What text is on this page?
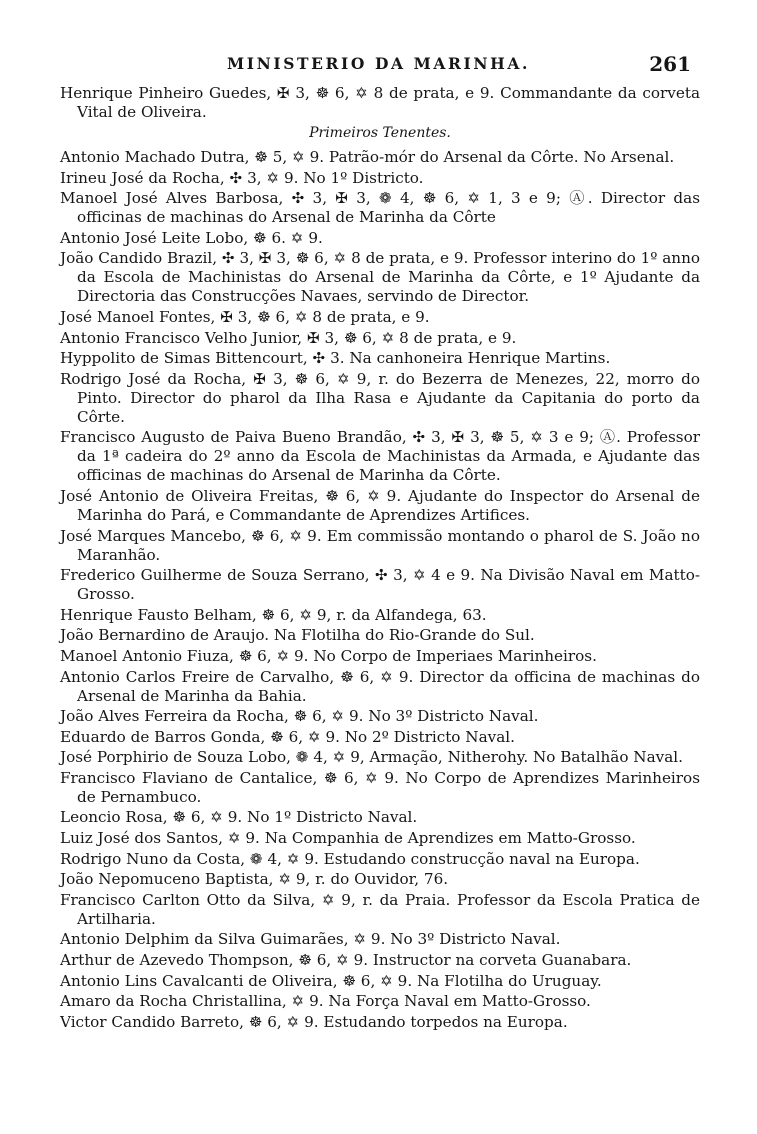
MINISTERIO DA MARINHA.	261

Henrique Pinheiro Guedes, ✠ 3, ☸ 6, ✡ 8 de prata, e 9. Commandante da corveta Vital de Oliveira.

Primeiros Tenentes.

Antonio Machado Dutra, ☸ 5, ✡ 9. Patrão-mór do Arsenal da Côrte. No Arsenal.

Irineu José da Rocha, ✣ 3, ✡ 9. No 1º Districto.

Manoel José Alves Barbosa, ✣ 3, ✠ 3, ❁ 4, ☸ 6, ✡ 1, 3 e 9; Ⓐ. Director das officinas de machinas do Arsenal de Marinha da Côrte

Antonio José Leite Lobo, ☸ 6. ✡ 9.

João Candido Brazil, ✣ 3, ✠ 3, ☸ 6, ✡ 8 de prata, e 9. Professor interino do 1º anno da Escola de Machinistas do Arsenal de Marinha da Côrte, e 1º Ajudante da Directoria das Construcções Navaes, servindo de Director.

José Manoel Fontes, ✠ 3, ☸ 6, ✡ 8 de prata, e 9.

Antonio Francisco Velho Junior, ✠ 3, ☸ 6, ✡ 8 de prata, e 9.

Hyppolito de Simas Bittencourt, ✣ 3. Na canhoneira Henrique Martins.

Rodrigo José da Rocha, ✠ 3, ☸ 6, ✡ 9, r. do Bezerra de Menezes, 22, morro do Pinto. Director do pharol da Ilha Rasa e Ajudante da Capitania do porto da Côrte.

Francisco Augusto de Paiva Bueno Brandão, ✣ 3, ✠ 3, ☸ 5, ✡ 3 e 9; Ⓐ. Professor da 1ª cadeira do 2º anno da Escola de Machinistas da Armada, e Ajudante das officinas de machinas do Arsenal de Marinha da Côrte.

José Antonio de Oliveira Freitas, ☸ 6, ✡ 9. Ajudante do Inspector do Arsenal de Marinha do Pará, e Commandante de Aprendizes Artifices.

José Marques Mancebo, ☸ 6, ✡ 9. Em commissão montando o pharol de S. João no Maranhão.

Frederico Guilherme de Souza Serrano, ✣ 3, ✡ 4 e 9. Na Divisão Naval em Matto-Grosso.

Henrique Fausto Belham, ☸ 6, ✡ 9, r. da Alfandega, 63.

João Bernardino de Araujo. Na Flotilha do Rio-Grande do Sul.

Manoel Antonio Fiuza, ☸ 6, ✡ 9. No Corpo de Imperiaes Marinheiros.

Antonio Carlos Freire de Carvalho, ☸ 6, ✡ 9. Director da officina de machinas do Arsenal de Marinha da Bahia.

João Alves Ferreira da Rocha, ☸ 6, ✡ 9. No 3º Districto Naval.

Eduardo de Barros Gonda, ☸ 6, ✡ 9. No 2º Districto Naval.

José Porphirio de Souza Lobo, ❁ 4, ✡ 9, Armação, Nitherohy. No Batalhão Naval.

Francisco Flaviano de Cantalice, ☸ 6, ✡ 9. No Corpo de Aprendizes Marinheiros de Pernambuco.

Leoncio Rosa, ☸ 6, ✡ 9. No 1º Districto Naval.

Luiz José dos Santos, ✡ 9. Na Companhia de Aprendizes em Matto-Grosso.

Rodrigo Nuno da Costa, ❁ 4, ✡ 9. Estudando construcção naval na Europa.

João Nepomuceno Baptista, ✡ 9, r. do Ouvidor, 76.

Francisco Carlton Otto da Silva, ✡ 9, r. da Praia. Professor da Escola Pratica de Artilharia.

Antonio Delphim da Silva Guimarães, ✡ 9. No 3º Districto Naval.

Arthur de Azevedo Thompson, ☸ 6, ✡ 9. Instructor na corveta Guanabara.

Antonio Lins Cavalcanti de Oliveira, ☸ 6, ✡ 9. Na Flotilha do Uruguay.

Amaro da Rocha Christallina, ✡ 9. Na Força Naval em Matto-Grosso.

Victor Candido Barreto, ☸ 6, ✡ 9. Estudando torpedos na Europa.
